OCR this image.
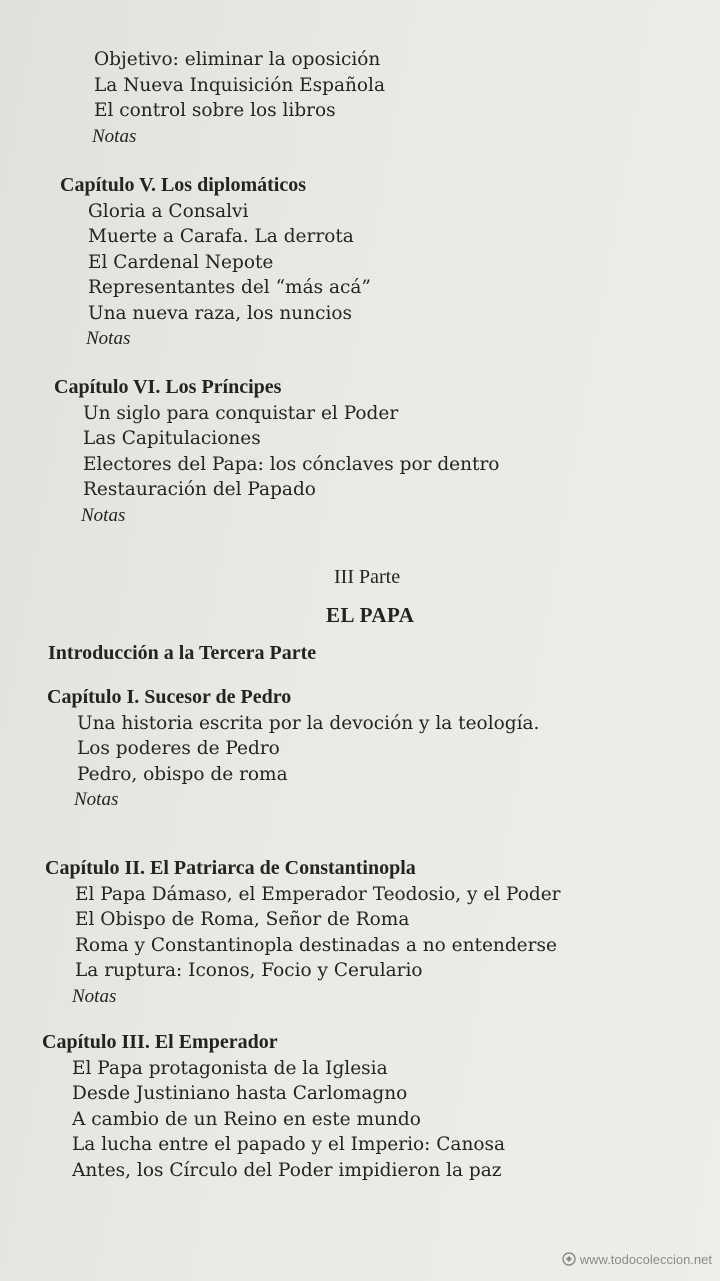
Objetivo: eliminar la oposición
La Nueva Inquisición Española
El control sobre los libros
Notas
Capítulo V. Los diplomáticos
Gloria a Consalvi
Muerte a Carafa. La derrota
El Cardenal Nepote
Representantes del “más acá”
Una nueva raza, los nuncios
Notas
Capítulo VI. Los Príncipes
Un siglo para conquistar el Poder
Las Capitulaciones
Electores del Papa: los cónclaves por dentro
Restauración del Papado
Notas
III Parte
EL PAPA
Introducción a la Tercera Parte
Capítulo I. Sucesor de Pedro
Una historia escrita por la devoción y la teología.
Los poderes de Pedro
Pedro, obispo de roma
Notas
Capítulo II. El Patriarca de Constantinopla
El Papa Dámaso, el Emperador Teodosio, y el Poder
El Obispo de Roma, Señor de Roma
Roma y Constantinopla destinadas a no entenderse
La ruptura: Iconos, Focio y Cerulario
Notas
Capítulo III. El Emperador
El Papa protagonista de la Iglesia
Desde Justiniano hasta Carlomagno
A cambio de un Reino en este mundo
La lucha entre el papado y el Imperio: Canosa
Antes, los Círculo del Poder impidieron la paz
www.todocoleccion.net
